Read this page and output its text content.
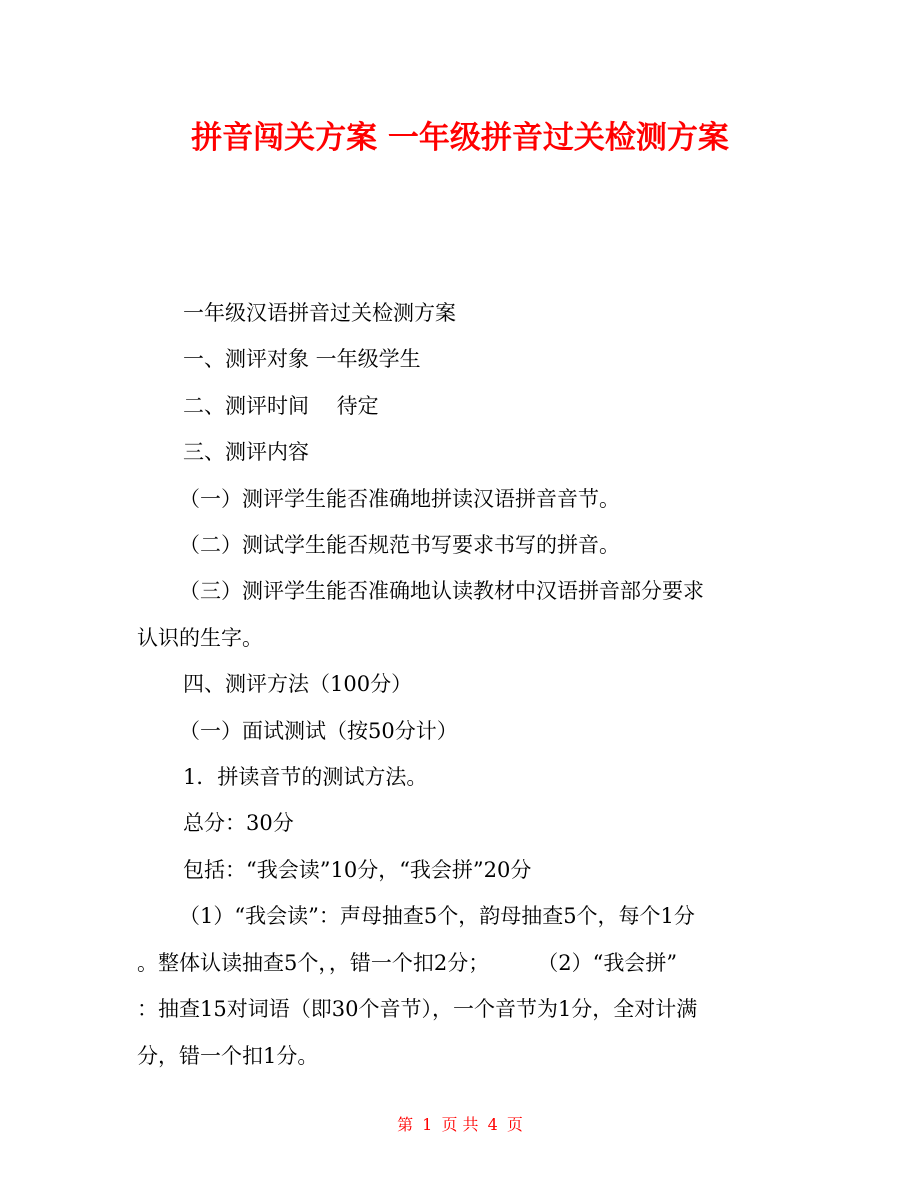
拼音闯关方案 一年级拼音过关检测方案

一年级汉语拼音过关检测方案

一、测评对象 一年级学生

二、测评时间　 待定

三、测评内容

（一）测评学生能否准确地拼读汉语拼音音节。

（二）测试学生能否规范书写要求书写的拼音。

（三）测评学生能否准确地认读教材中汉语拼音部分要求

认识的生字。

四、测评方法（100分）

（一）面试测试（按50分计）

1．拼读音节的测试方法。

总分：30分

包括：“我会读”10分，“我会拼”20分

（1）“我会读”：声母抽查5个，韵母抽查5个，每个1分

。整体认读抽查5个，，错一个扣2分； （2）“我会拼”

：抽查15对词语（即30个音节），一个音节为1分，全对计满

分，错一个扣1分。

第 1 页 共 4 页
